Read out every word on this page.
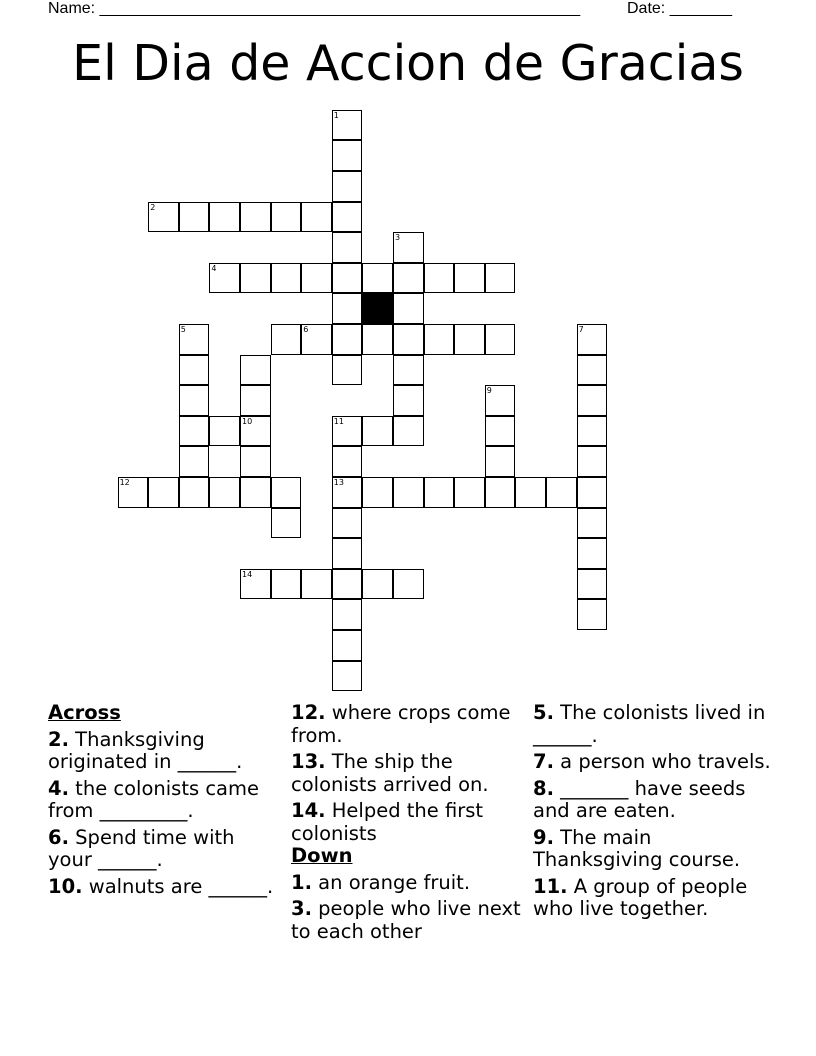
Name: ______________________________________________________	Date: _______
El Dia de Accion de Gracias
1
2
3
4
6
5	7
9
10	11
12	13
14
Across
2. Thanksgiving originated in ______.
4. the colonists came from _________.
6. Spend time with your ______.
10. walnuts are ______.
12. where crops come from.
13. The ship the colonists arrived on.
14. Helped the first colonists
Down
1. an orange fruit.
3. people who live next to each other
5. The colonists lived in ______.
7. a person who travels.
8. _______ have seeds and are eaten.
9. The main Thanksgiving course.
11. A group of people who live together.
